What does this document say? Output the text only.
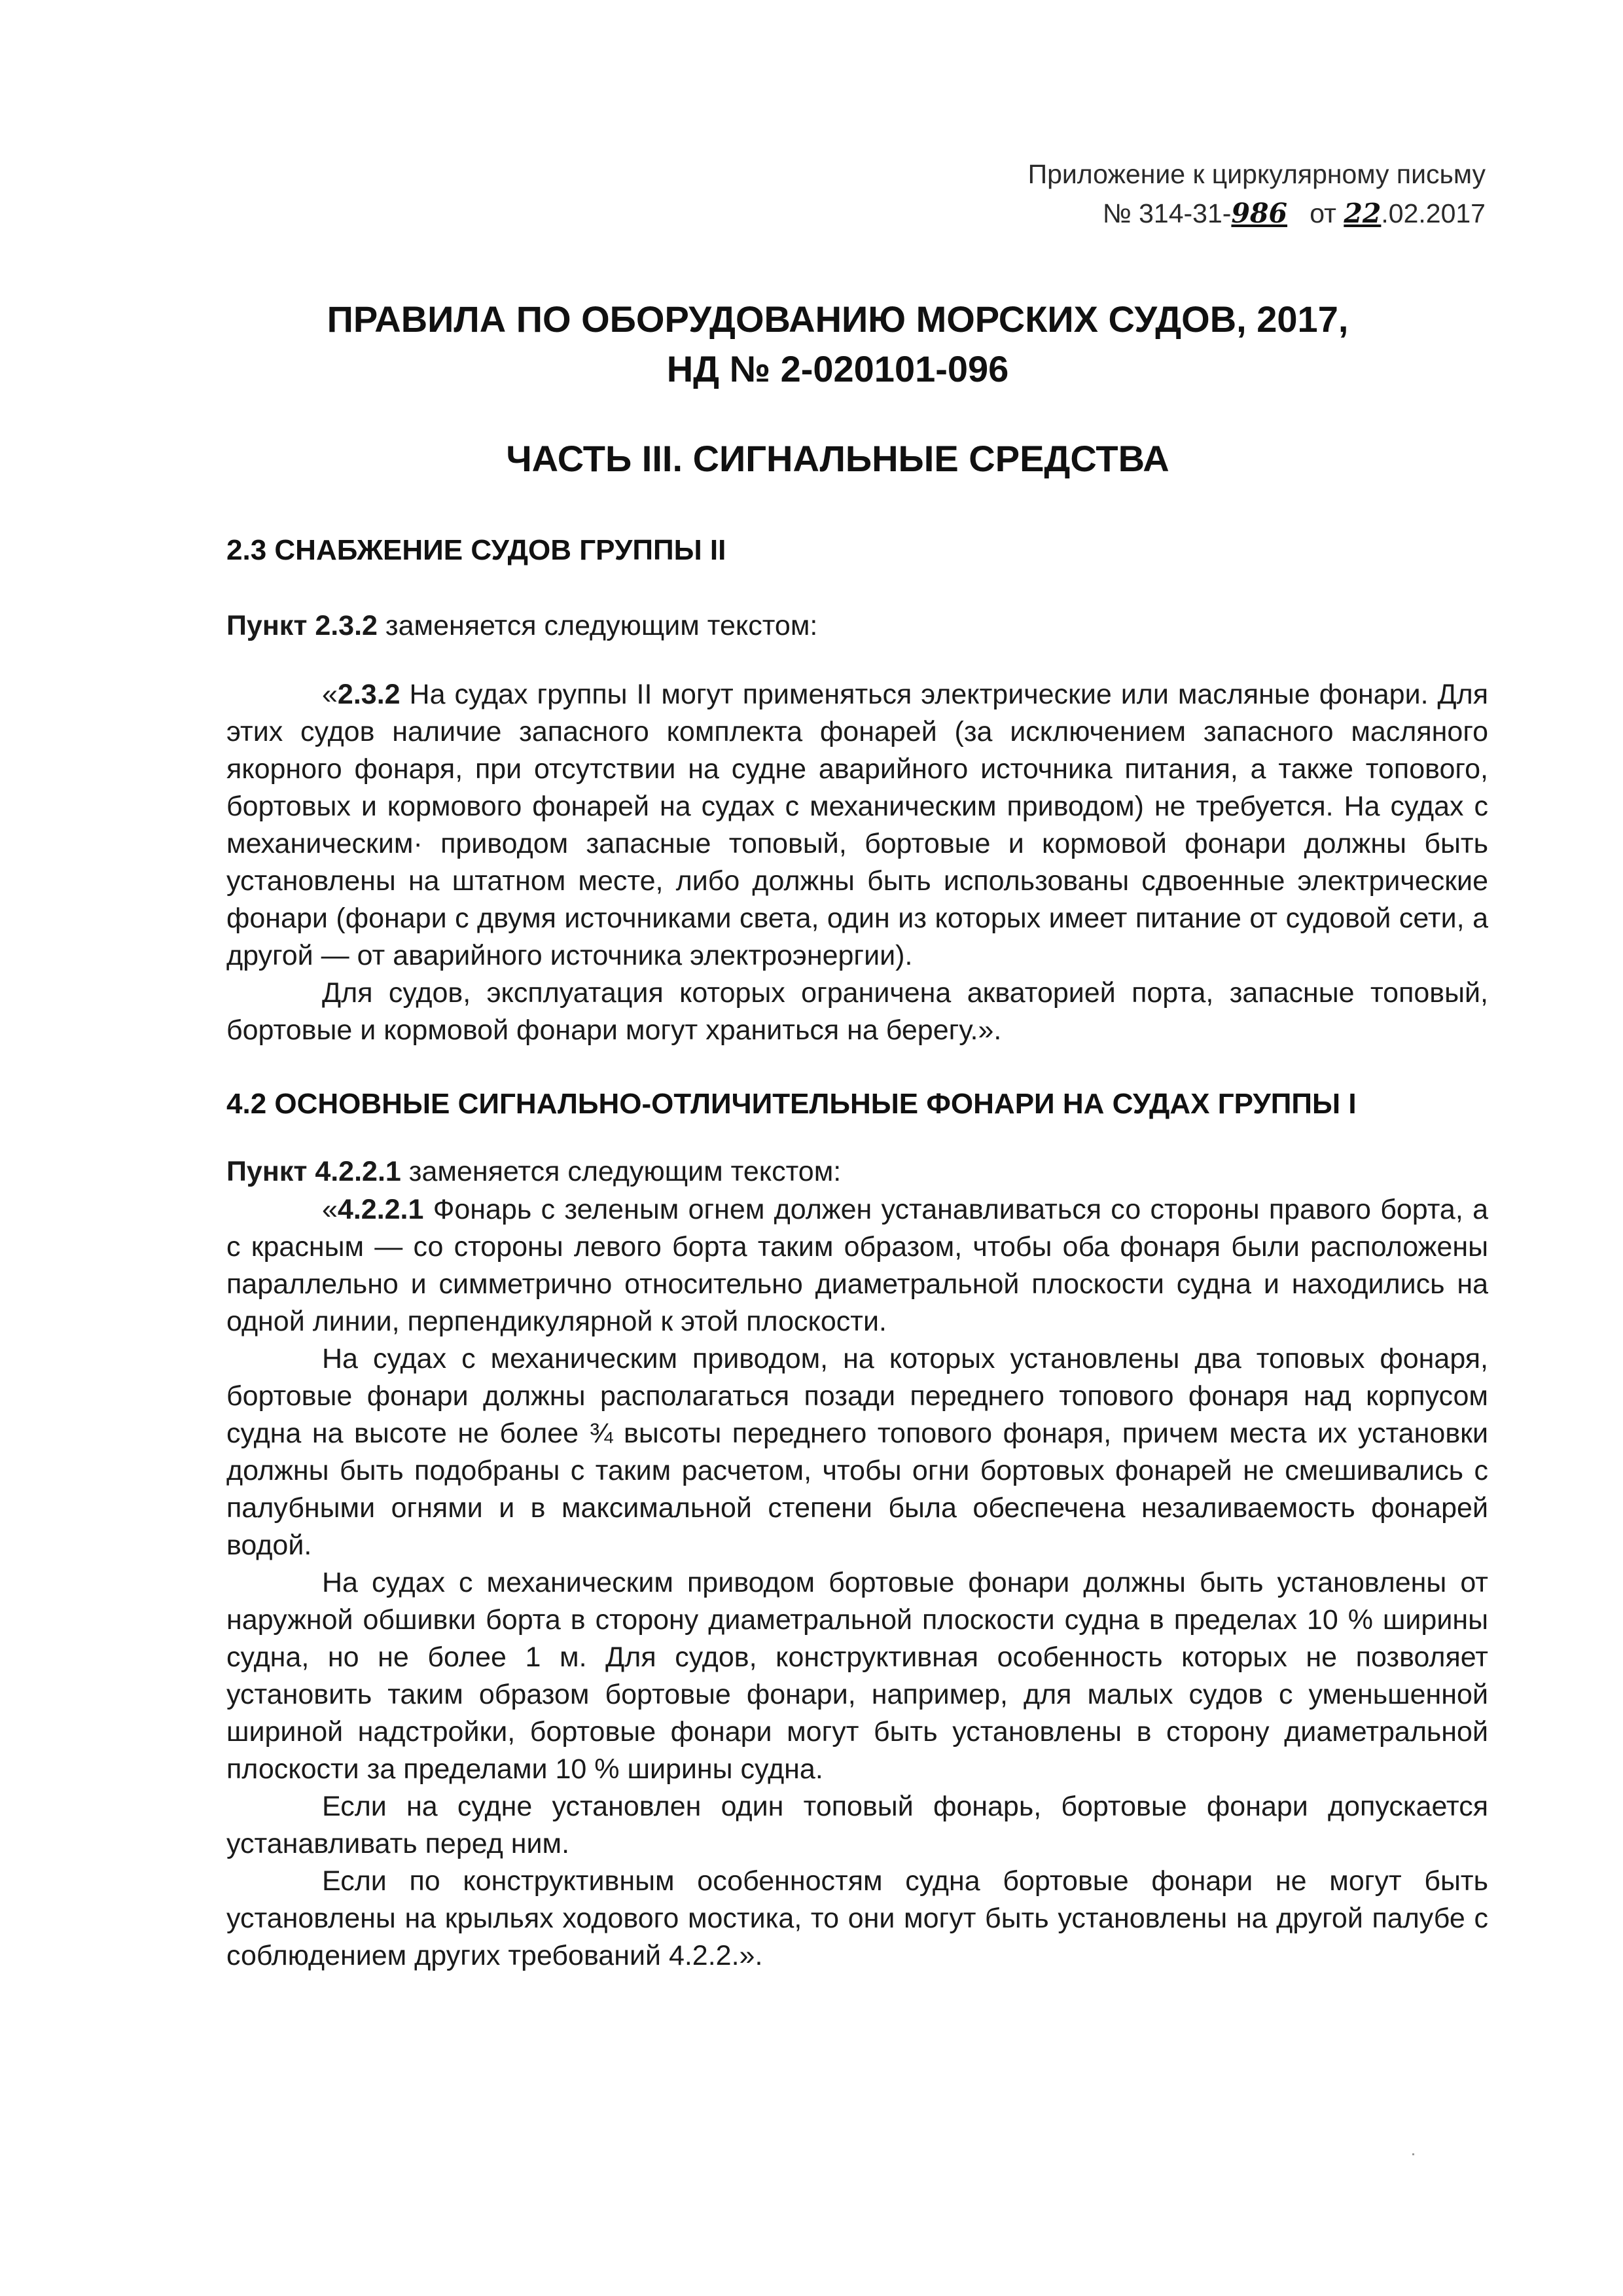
Приложение к циркулярному письму
№ 314-31-986 от 22.02.2017
ПРАВИЛА ПО ОБОРУДОВАНИЮ МОРСКИХ СУДОВ, 2017,
НД № 2-020101-096
ЧАСТЬ III. СИГНАЛЬНЫЕ СРЕДСТВА
2.3 СНАБЖЕНИЕ СУДОВ ГРУППЫ II
Пункт 2.3.2 заменяется следующим текстом:

«2.3.2 На судах группы II могут применяться электрические или масляные фонари. Для этих судов наличие запасного комплекта фонарей (за исключением запасного масляного якорного фонаря, при отсутствии на судне аварийного источника питания, а также топового, бортовых и кормового фонарей на судах с механическим приводом) не требуется. На судах с механическим· приводом запасные топовый, бортовые и кормовой фонари должны быть установлены на штатном месте, либо должны быть использованы сдвоенные электрические фонари (фонари с двумя источниками света, один из которых имеет питание от судовой сети, а другой — от аварийного источника электроэнергии).

Для судов, эксплуатация которых ограничена акваторией порта, запасные топовый, бортовые и кормовой фонари могут храниться на берегу.».

4.2 ОСНОВНЫЕ СИГНАЛЬНО-ОТЛИЧИТЕЛЬНЫЕ ФОНАРИ НА СУДАХ ГРУППЫ I
Пункт 4.2.2.1 заменяется следующим текстом:

«4.2.2.1 Фонарь с зеленым огнем должен устанавливаться со стороны правого борта, а с красным — со стороны левого борта таким образом, чтобы оба фонаря были расположены параллельно и симметрично относительно диаметральной плоскости судна и находились на одной линии, перпендикулярной к этой плоскости.

На судах с механическим приводом, на которых установлены два топовых фонаря, бортовые фонари должны располагаться позади переднего топового фонаря над корпусом судна на высоте не более ¾ высоты переднего топового фонаря, причем места их установки должны быть подобраны с таким расчетом, чтобы огни бортовых фонарей не смешивались с палубными огнями и в максимальной степени была обеспечена незаливаемость фонарей водой.

На судах с механическим приводом бортовые фонари должны быть установлены от наружной обшивки борта в сторону диаметральной плоскости судна в пределах 10 % ширины судна, но не более 1 м. Для судов, конструктивная особенность которых не позволяет установить таким образом бортовые фонари, например, для малых судов с уменьшенной шириной надстройки, бортовые фонари могут быть установлены в сторону диаметральной плоскости за пределами 10 % ширины судна.

Если на судне установлен один топовый фонарь, бортовые фонари допускается устанавливать перед ним.

Если по конструктивным особенностям судна бортовые фонари не могут быть установлены на крыльях ходового мостика, то они могут быть установлены на другой палубе с соблюдением других требований 4.2.2.».
